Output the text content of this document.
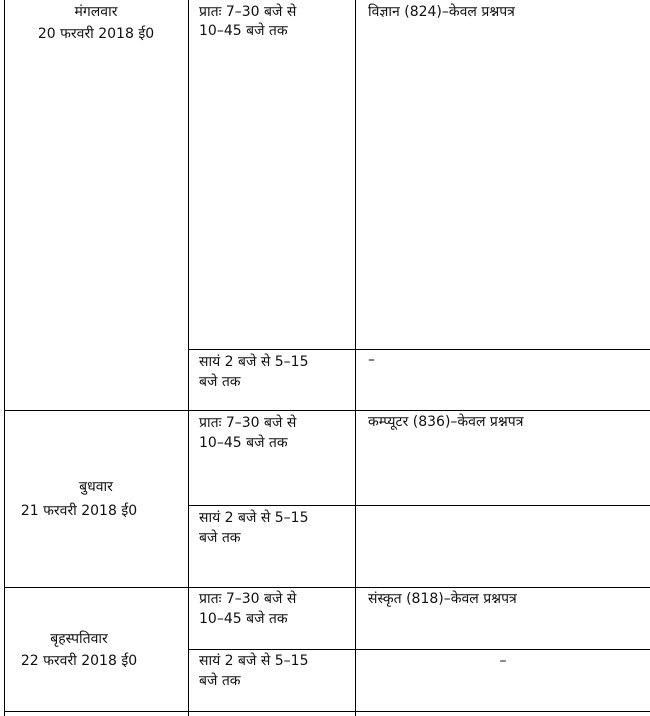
मंगलवार
20 फरवरी 2018 ई0
प्रातः 7–30 बजे से
10–45 बजे तक
विज्ञान (824)–केवल प्रश्नपत्र
सायं 2 बजे से 5–15
बजे तक
–
बुधवार
21 फरवरी 2018 ई0
प्रातः 7–30 बजे से
10–45 बजे तक
कम्प्यूटर (836)–केवल प्रश्नपत्र
सायं 2 बजे से 5–15
बजे तक
बृहस्पतिवार
22 फरवरी 2018 ई0
प्रातः 7–30 बजे से
10–45 बजे तक
संस्कृत (818)–केवल प्रश्नपत्र
सायं 2 बजे से 5–15
बजे तक
–
